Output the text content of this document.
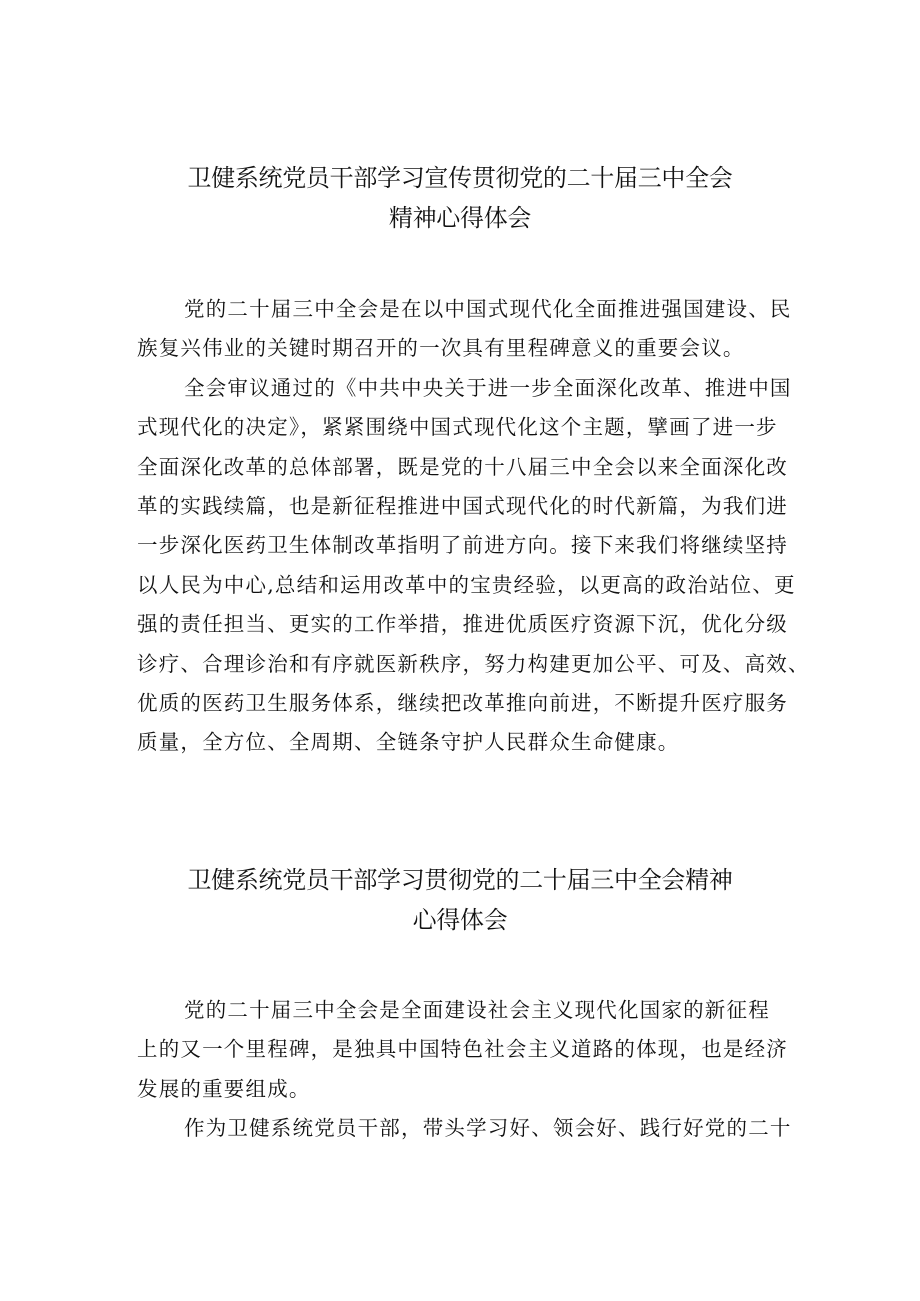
卫健系统党员干部学习宣传贯彻党的二十届三中全会
精神心得体会
党的二十届三中全会是在以中国式现代化全面推进强国建设、民
族复兴伟业的关键时期召开的一次具有里程碑意义的重要会议。
全会审议通过的《中共中央关于进一步全面深化改革、推进中国
式现代化的决定》，紧紧围绕中国式现代化这个主题，擘画了进一步
全面深化改革的总体部署，既是党的十八届三中全会以来全面深化改
革的实践续篇，也是新征程推进中国式现代化的时代新篇，为我们进
一步深化医药卫生体制改革指明了前进方向。接下来我们将继续坚持
以人民为中心,总结和运用改革中的宝贵经验，以更高的政治站位、更
强的责任担当、更实的工作举措，推进优质医疗资源下沉，优化分级
诊疗、合理诊治和有序就医新秩序，努力构建更加公平、可及、高效、
优质的医药卫生服务体系，继续把改革推向前进，不断提升医疗服务
质量，全方位、全周期、全链条守护人民群众生命健康。
卫健系统党员干部学习贯彻党的二十届三中全会精神
心得体会
党的二十届三中全会是全面建设社会主义现代化国家的新征程
上的又一个里程碑，是独具中国特色社会主义道路的体现，也是经济
发展的重要组成。
作为卫健系统党员干部，带头学习好、领会好、践行好党的二十
